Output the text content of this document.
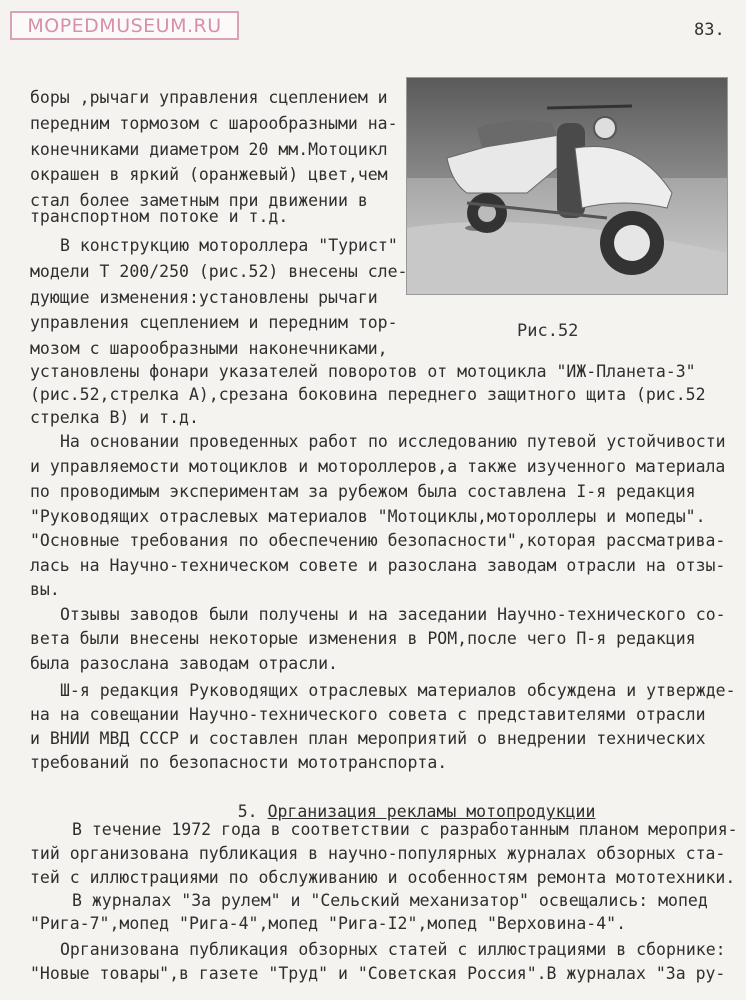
MOPEDMUSEUM.RU	83.
Рис.52
боры ,рычаги управления сцеплением и
передним тормозом с шарообразными на-
конечниками диаметром 20 мм.Мотоцикл
окрашен в яркий (оранжевый) цвет,чем
стал более заметным при движении в
транспортном потоке и т.д.
В конструкцию мотороллера "Турист"
модели Т 200/250 (рис.52) внесены сле-
дующие изменения:установлены рычаги
управления сцеплением и передним тор-
мозом с шарообразными наконечниками,
установлены фонари указателей поворотов от мотоцикла "ИЖ-Планета-3"
(рис.52,стрелка А),срезана боковина переднего защитного щита (рис.52
стрелка В) и т.д.
На основании проведенных работ по исследованию путевой устойчивости
и управляемости мотоциклов и мотороллеров,а также изученного материала
по проводимым экспериментам за рубежом была составлена I-я редакция
"Руководящих отраслевых материалов "Мотоциклы,мотороллеры и мопеды".
"Основные требования по обеспечению безопасности",которая рассматрива-
лась на Научно-техническом совете и разослана заводам отрасли на отзы-
вы.
Отзывы заводов были получены и на заседании Научно-технического со-
вета были внесены некоторые изменения в РОМ,после чего П-я редакция
была разослана заводам отрасли.
Ш-я редакция Руководящих отраслевых материалов обсуждена и утвержде-
на на совещании Научно-технического совета с представителями отрасли
и ВНИИ МВД СССР и составлен план мероприятий о внедрении технических
требований по безопасности мототранспорта.

5. Организация рекламы мотопродукции

В течение 1972 года в соответствии с разработанным планом мероприя-
тий организована публикация в научно-популярных журналах обзорных ста-
тей с иллюстрациями по обслуживанию и особенностям ремонта мототехники.
В журналах "За рулем" и "Сельский механизатор" освещались: мопед
"Рига-7",мопед "Рига-4",мопед "Рига-I2",мопед "Верховина-4".
Организована публикация обзорных статей с иллюстрациями в сборнике:
"Новые товары",в газете "Труд" и "Советская Россия".В журналах "За ру-
